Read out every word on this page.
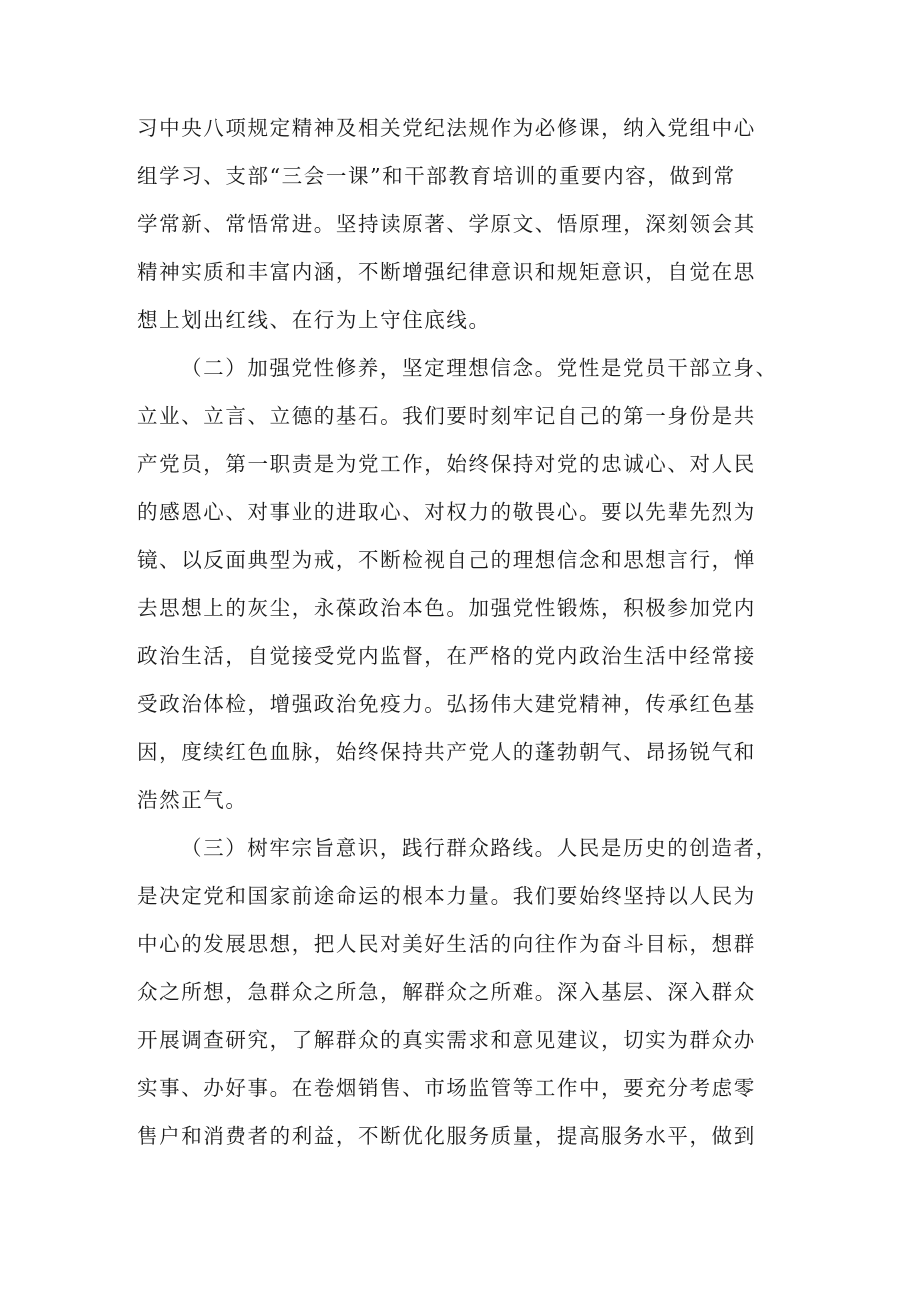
习中央八项规定精神及相关党纪法规作为必修课，纳入党组中心
组学习、支部“三会一课”和干部教育培训的重要内容，做到常
学常新、常悟常进。坚持读原著、学原文、悟原理，深刻领会其
精神实质和丰富内涵，不断增强纪律意识和规矩意识，自觉在思
想上划出红线、在行为上守住底线。
（二）加强党性修养，坚定理想信念。党性是党员干部立身、
立业、立言、立德的基石。我们要时刻牢记自己的第一身份是共
产党员，第一职责是为党工作，始终保持对党的忠诚心、对人民
的感恩心、对事业的进取心、对权力的敬畏心。要以先辈先烈为
镜、以反面典型为戒，不断检视自己的理想信念和思想言行，惮
去思想上的灰尘，永葆政治本色。加强党性锻炼，积极参加党内
政治生活，自觉接受党内监督，在严格的党内政治生活中经常接
受政治体检，增强政治免疫力。弘扬伟大建党精神，传承红色基
因，度续红色血脉，始终保持共产党人的蓬勃朝气、昂扬锐气和
浩然正气。
（三）树牢宗旨意识，践行群众路线。人民是历史的创造者，
是决定党和国家前途命运的根本力量。我们要始终坚持以人民为
中心的发展思想，把人民对美好生活的向往作为奋斗目标，想群
众之所想，急群众之所急，解群众之所难。深入基层、深入群众
开展调查研究，了解群众的真实需求和意见建议，切实为群众办
实事、办好事。在卷烟销售、市场监管等工作中，要充分考虑零
售户和消费者的利益，不断优化服务质量，提高服务水平，做到
